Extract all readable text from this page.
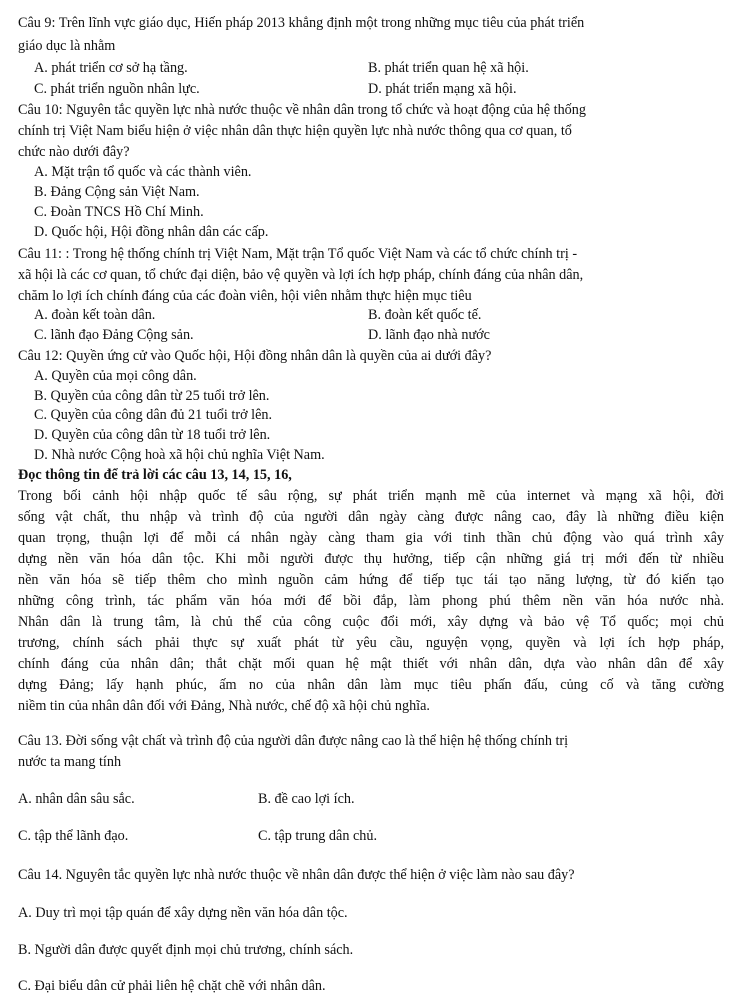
Câu 9: Trên lĩnh vực giáo dục, Hiến pháp 2013 khẳng định một trong những mục tiêu của phát triển
giáo dục là nhằm
A. phát triển cơ sở hạ tầng.	B. phát triển quan hệ xã hội.
C. phát triển nguồn nhân lực.	D. phát triển mạng xã hội.
Câu 10: Nguyên tắc quyền lực nhà nước thuộc về nhân dân trong tổ chức và hoạt động của hệ thống
chính trị Việt Nam biểu hiện ở việc nhân dân thực hiện quyền lực nhà nước thông qua cơ quan, tổ
chức nào dưới đây?
A. Mặt trận tổ quốc và các thành viên.
B. Đảng Cộng sản Việt Nam.
C. Đoàn TNCS Hồ Chí Minh.
D. Quốc hội, Hội đồng nhân dân các cấp.
Câu 11: : Trong hệ thống chính trị Việt Nam, Mặt trận Tổ quốc Việt Nam và các tổ chức chính trị -
xã hội là các cơ quan, tổ chức đại diện, bảo vệ quyền và lợi ích hợp pháp, chính đáng của nhân dân,
chăm lo lợi ích chính đáng của các đoàn viên, hội viên nhằm thực hiện mục tiêu
A. đoàn kết toàn dân.	B. đoàn kết quốc tế.
C. lãnh đạo Đảng Cộng sản.	D. lãnh đạo nhà nước
Câu 12: Quyền ứng cử vào Quốc hội, Hội đồng nhân dân là quyền của ai dưới đây?
A. Quyền của mọi công dân.
B. Quyền của công dân từ 25 tuổi trở lên.
C. Quyền của công dân đủ 21 tuổi trở lên.
D. Quyền của công dân từ 18 tuổi trở lên.
D. Nhà nước Cộng hoà xã hội chủ nghĩa Việt Nam.
Đọc thông tin để trả lời các câu 13, 14, 15, 16,
Trong bối cảnh hội nhập quốc tế sâu rộng, sự phát triển mạnh mẽ của internet và mạng xã hội, đời
sống vật chất, thu nhập và trình độ của người dân ngày càng được nâng cao, đây là những điều kiện
quan trọng, thuận lợi để mỗi cá nhân ngày càng tham gia với tinh thần chủ động vào quá trình xây
dựng nền văn hóa dân tộc. Khi mỗi người được thụ hưởng, tiếp cận những giá trị mới đến từ nhiều
nền văn hóa sẽ tiếp thêm cho mình nguồn cảm hứng để tiếp tục tái tạo năng lượng, từ đó kiến tạo
những công trình, tác phẩm văn hóa mới để bồi đắp, làm phong phú thêm nền văn hóa nước nhà.
Nhân dân là trung tâm, là chủ thể của công cuộc đổi mới, xây dựng và bảo vệ Tổ quốc; mọi chủ
trương, chính sách phải thực sự xuất phát từ yêu cầu, nguyện vọng, quyền và lợi ích hợp pháp,
chính đáng của nhân dân; thắt chặt mối quan hệ mật thiết với nhân dân, dựa vào nhân dân để xây
dựng Đảng; lấy hạnh phúc, ấm no của nhân dân làm mục tiêu phấn đấu, củng cố và tăng cường
niềm tin của nhân dân đối với Đảng, Nhà nước, chế độ xã hội chủ nghĩa.
Câu 13. Đời sống vật chất và trình độ của người dân được nâng cao là thể hiện hệ thống chính trị
nước ta mang tính
A. nhân dân sâu sắc.	B. đề cao lợi ích.
C. tập thể lãnh đạo.	C. tập trung dân chủ.
Câu 14. Nguyên tắc quyền lực nhà nước thuộc về nhân dân được thể hiện ở việc làm nào sau đây?
A. Duy trì mọi tập quán để xây dựng nền văn hóa dân tộc.
B. Người dân được quyết định mọi chủ trương, chính sách.
C. Đại biểu dân cử phải liên hệ chặt chẽ với nhân dân.
